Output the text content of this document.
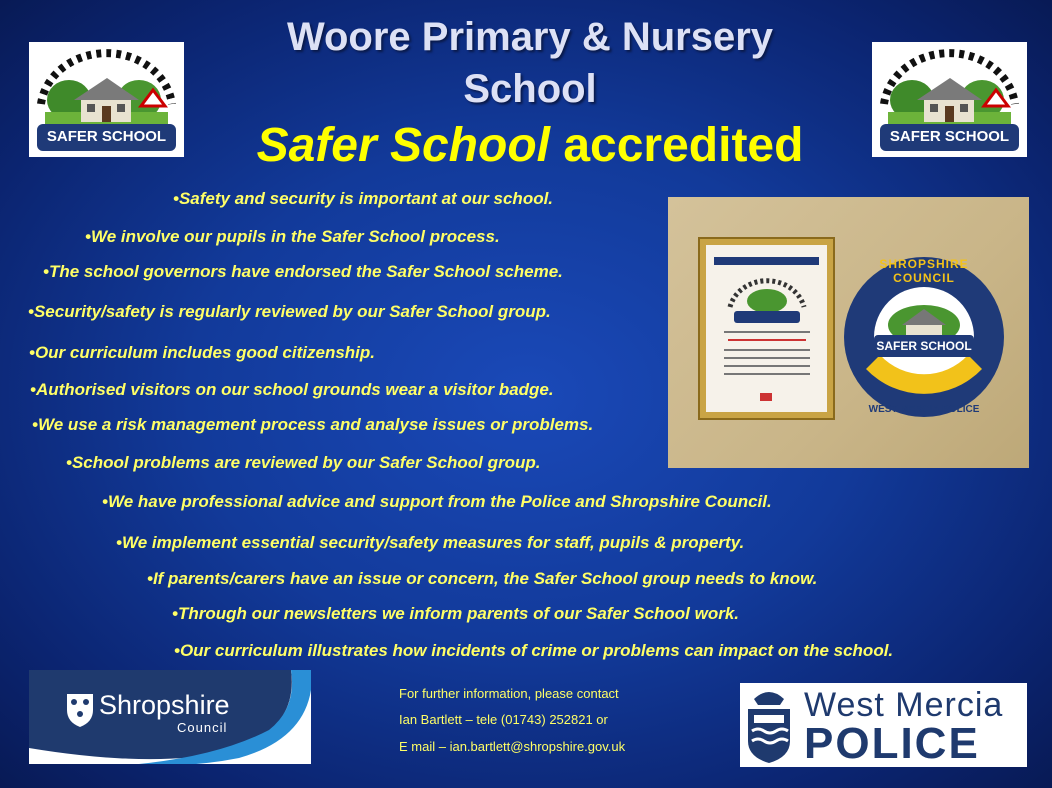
Woore Primary & Nursery
School
Safer School accredited
SAFER SCHOOL	SAFER SCHOOL
•Safety and security is important at our school.
•We involve our pupils in the Safer School process.
•The school governors have endorsed the Safer School scheme.
•Security/safety is regularly reviewed by our Safer School group.
•Our curriculum includes good citizenship.
•Authorised visitors on our school grounds wear a visitor badge.
•We use a risk management process and analyse issues or problems.
•School problems are reviewed by our Safer School group.
•We have professional advice and support from the Police and Shropshire Council.
•We implement essential security/safety measures for staff, pupils & property.
•If parents/carers have an issue or concern, the Safer School group needs to know.
•Through our newsletters we inform parents of our Safer School work.
•Our curriculum illustrates how incidents of crime or problems can impact on the school.
SHROPSHIRE COUNCIL
SAFER SCHOOL
WEST MERCIA POLICE
Shropshire
Council
For further information, please contact
Ian Bartlett – tele (01743) 252821 or
E mail – ian.bartlett@shropshire.gov.uk
West Mercia
POLICE
